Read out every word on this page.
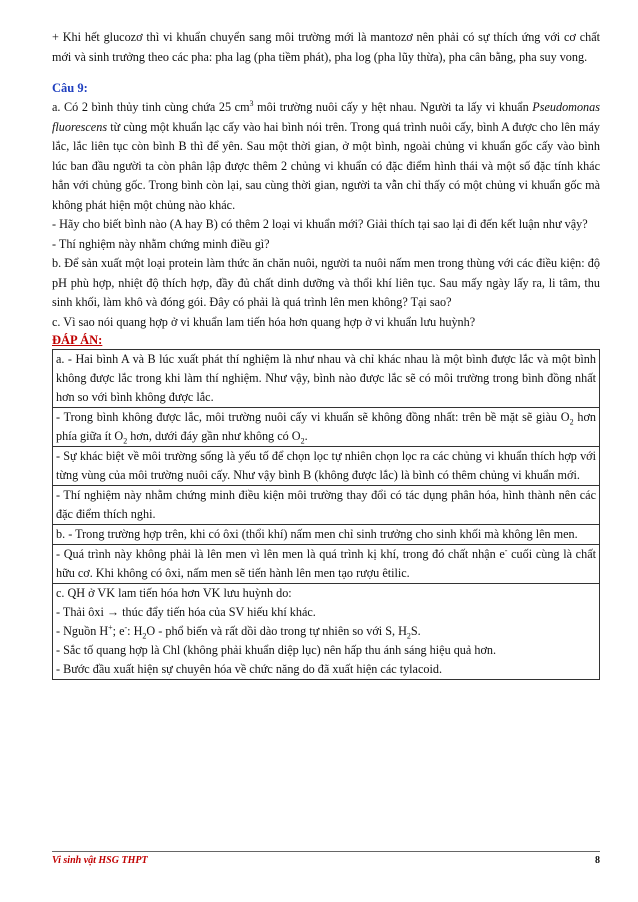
+ Khi hết glucozơ thì vi khuẩn chuyển sang môi trường mới là mantozơ nên phải có sự thích ứng với cơ chất mới và sinh trưởng theo các pha: pha lag (pha tiềm phát), pha log (pha lũy thừa), pha cân bằng, pha suy vong.

Câu 9:

a. Có 2 bình thủy tinh cùng chứa 25 $cm^3$ môi trường nuôi cấy y hệt nhau. Người ta lấy vi khuẩn Pseudomonas fluorescens từ cùng một khuẩn lạc cấy vào hai bình nói trên. Trong quá trình nuôi cấy, bình A được cho lên máy lắc, lắc liên tục còn bình B thì để yên. Sau một thời gian, ở một bình, ngoài chủng vi khuẩn gốc cấy vào bình lúc ban đầu người ta còn phân lập được thêm 2 chủng vi khuẩn có đặc điểm hình thái và một số đặc tính khác hẳn với chủng gốc. Trong bình còn lại, sau cùng thời gian, người ta vẫn chỉ thấy có một chủng vi khuẩn gốc mà không phát hiện một chủng nào khác.

- Hãy cho biết bình nào (A hay B) có thêm 2 loại vi khuẩn mới? Giải thích tại sao lại đi đến kết luận như vậy?

- Thí nghiệm này nhằm chứng minh điều gì?

b. Để sản xuất một loại protein làm thức ăn chăn nuôi, người ta nuôi nấm men trong thùng với các điều kiện: độ pH phù hợp, nhiệt độ thích hợp, đầy đủ chất dinh dưỡng và thổi khí liên tục. Sau mấy ngày lấy ra, li tâm, thu sinh khối, làm khô và đóng gói. Đây có phải là quá trình lên men không? Tại sao?

c. Vì sao nói quang hợp ở vi khuẩn lam tiến hóa hơn quang hợp ở vi khuẩn lưu huỳnh?

ĐÁP ÁN:

a. - Hai bình A và B lúc xuất phát thí nghiệm là như nhau và chỉ khác nhau là một bình được lắc và một bình không được lắc trong khi làm thí nghiệm. Như vậy, bình nào được lắc sẽ có môi trường trong bình đồng nhất hơn so với bình không được lắc.

- Trong bình không được lắc, môi trường nuôi cấy vi khuẩn sẽ không đồng nhất: trên bề mặt sẽ giàu $O_2$ hơn phía giữa ít $O_2$ hơn, dưới đáy gần như không có $O_2$.

- Sự khác biệt về môi trường sống là yếu tố để chọn lọc tự nhiên chọn lọc ra các chủng vi khuẩn thích hợp với từng vùng của môi trường nuôi cấy. Như vậy bình B (không được lắc) là bình có thêm chủng vi khuẩn mới.

- Thí nghiệm này nhằm chứng minh điều kiện môi trường thay đổi có tác dụng phân hóa, hình thành nên các đặc điểm thích nghi.

b. - Trong trường hợp trên, khi có ôxi (thổi khí) nấm men chỉ sinh trưởng cho sinh khối mà không lên men.

- Quá trình này không phải là lên men vì lên men là quá trình kị khí, trong đó chất nhận e- cuối cùng là chất hữu cơ. Khi không có ôxi, nấm men sẽ tiến hành lên men tạo rượu êtilic.

c. QH ở VK lam tiến hóa hơn VK lưu huỳnh do:

- Thải ôxi → thúc đẩy tiến hóa của SV hiếu khí khác.

- Nguồn H+; e-: $H_2O$ - phổ biến và rất dồi dào trong tự nhiên so với S, $H_2S$.

- Sắc tố quang hợp là Chl (không phải khuẩn diệp lục) nên hấp thu ánh sáng hiệu quả hơn.

- Bước đầu xuất hiện sự chuyên hóa về chức năng do đã xuất hiện các tylacoid.

Vi sinh vật HSG THPT	8
